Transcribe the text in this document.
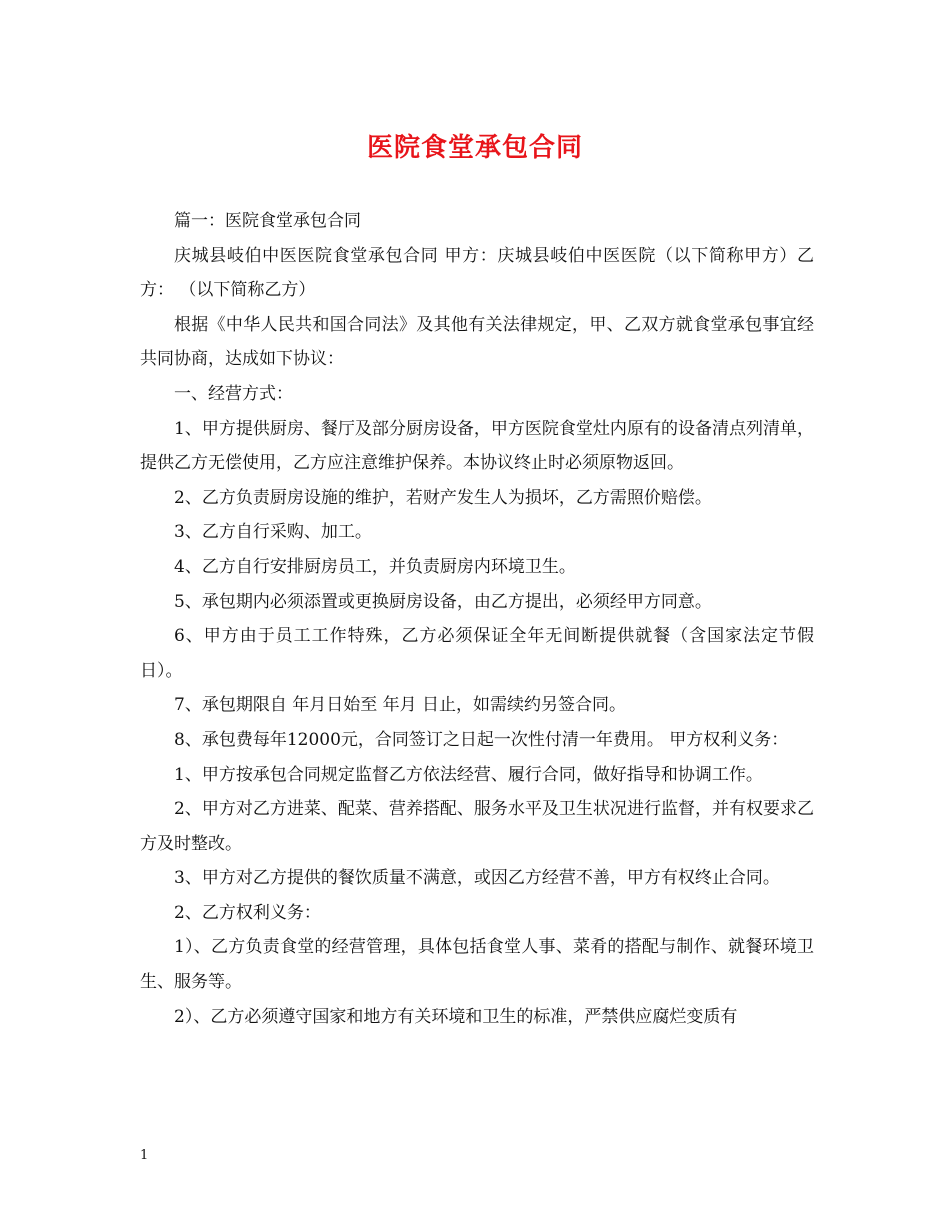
医院食堂承包合同

篇一：医院食堂承包合同

庆城县岐伯中医医院食堂承包合同 甲方：庆城县岐伯中医医院（以下简称甲方）乙方： （以下简称乙方）

根据《中华人民共和国合同法》及其他有关法律规定，甲、乙双方就食堂承包事宜经共同协商，达成如下协议：

一、经营方式：

1、甲方提供厨房、餐厅及部分厨房设备，甲方医院食堂灶内原有的设备清点列清单，提供乙方无偿使用，乙方应注意维护保养。本协议终止时必须原物返回。

2、乙方负责厨房设施的维护，若财产发生人为损坏，乙方需照价赔偿。

3、乙方自行采购、加工。

4、乙方自行安排厨房员工，并负责厨房内环境卫生。

5、承包期内必须添置或更换厨房设备，由乙方提出，必须经甲方同意。

6、甲方由于员工工作特殊，乙方必须保证全年无间断提供就餐（含国家法定节假日）。

7、承包期限自 年月日始至 年月 日止，如需续约另签合同。

8、承包费每年12000元，合同签订之日起一次性付清一年费用。 甲方权利义务：

1、甲方按承包合同规定监督乙方依法经营、履行合同，做好指导和协调工作。

2、甲方对乙方进菜、配菜、营养搭配、服务水平及卫生状况进行监督，并有权要求乙方及时整改。

3、甲方对乙方提供的餐饮质量不满意，或因乙方经营不善，甲方有权终止合同。

2、乙方权利义务：

1）、乙方负责食堂的经营管理，具体包括食堂人事、菜肴的搭配与制作、就餐环境卫生、服务等。

2）、乙方必须遵守国家和地方有关环境和卫生的标准，严禁供应腐烂变质有

1
